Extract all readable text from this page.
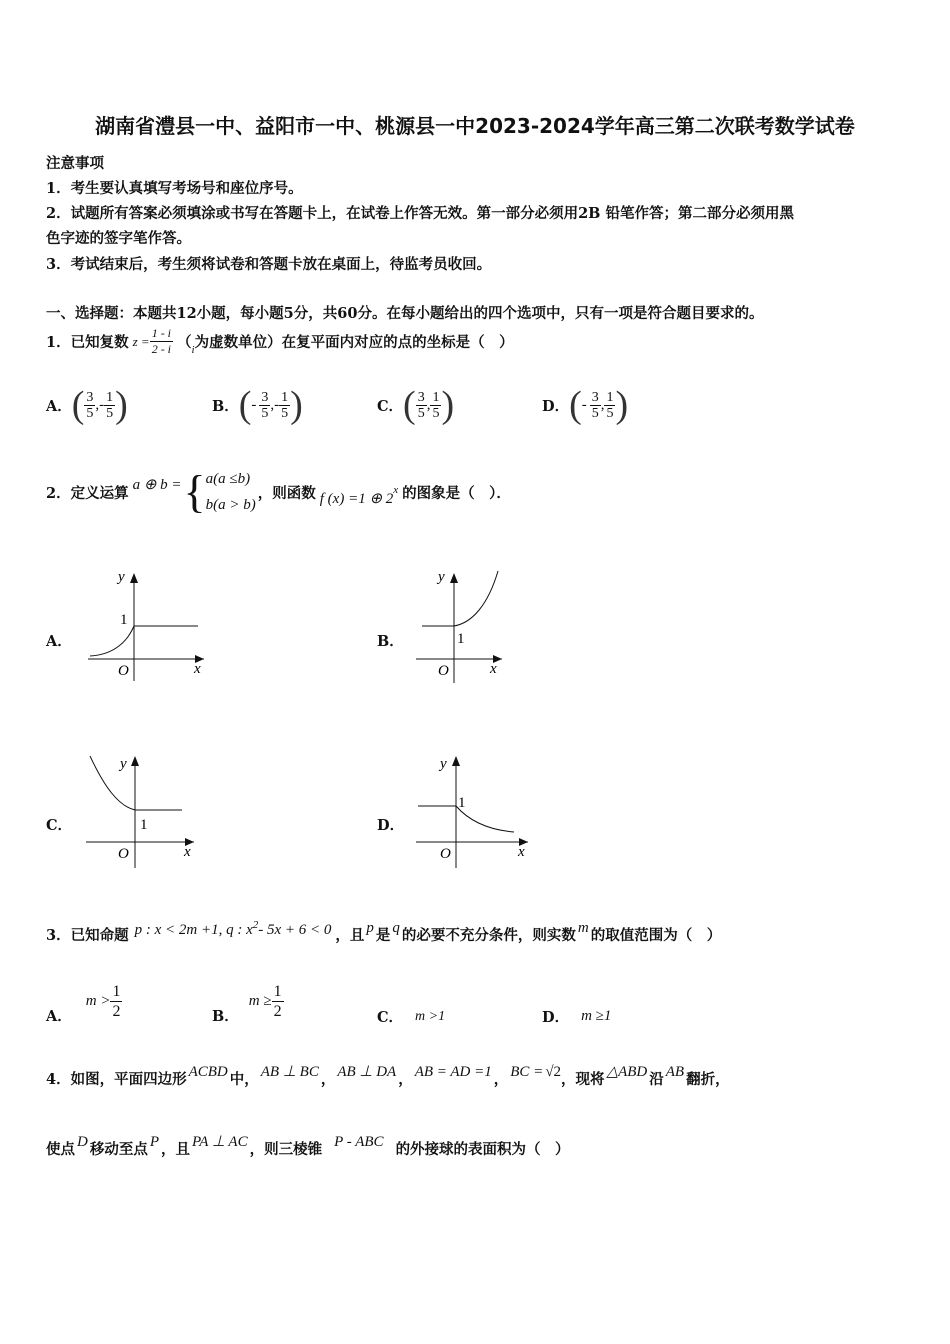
湖南省澧县一中、益阳市一中、桃源县一中2023-2024学年高三第二次联考数学试卷
注意事项
1．考生要认真填写考场号和座位序号。
2．试题所有答案必须填涂或书写在答题卡上，在试卷上作答无效。第一部分必须用2B 铅笔作答；第二部分必须用黑
色字迹的签字笔作答。
3．考试结束后，考生须将试卷和答题卡放在桌面上，待监考员收回。
一、选择题：本题共12小题，每小题5分，共60分。在每小题给出的四个选项中，只有一项是符合题目要求的。
1．已知复数 $z = \frac{1 - i}{2 - i}$ （ i 为虚数单位）在复平面内对应的点的坐标是（　）
A． ( $\frac{3}{5}$ , - $\frac{1}{5}$ )	B． ( - $\frac{3}{5}$ , - $\frac{1}{5}$ )	C． ( $\frac{3}{5}$ , $\frac{1}{5}$ )	D． ( - $\frac{3}{5}$ , $\frac{1}{5}$ )
2．定义运算 a ⊕ b = { a(a ≤b)
b(a > b)
，则函数 f (x) =1 ⊕ 2
x 的图象是（　）．
A．
y
x
O
1
B．
y
x
O
1
C．
y
x
O
1	D．
y
x
O
1
3．已知命题 p : x < 2m +1, q : x 2 - 5x + 6 < 0 ，且 p 是 q 的必要不充分条件，则实数 m 的取值范围为（　）
A．
$m > \frac{1}{2}$	B．
$m \ge \frac{1}{2}$	C． m >1	D． m ≥1
4．如图，平面四边形 ACBD 中， AB ⊥ BC ， AB ⊥ DA ， AB = AD =1 ， BC = √2 ，现将 △ABD 沿 AB 翻折，
使点 D 移动至点 P ，且 PA ⊥ AC ，则三棱锥 P - ABC 的外接球的表面积为（　）
